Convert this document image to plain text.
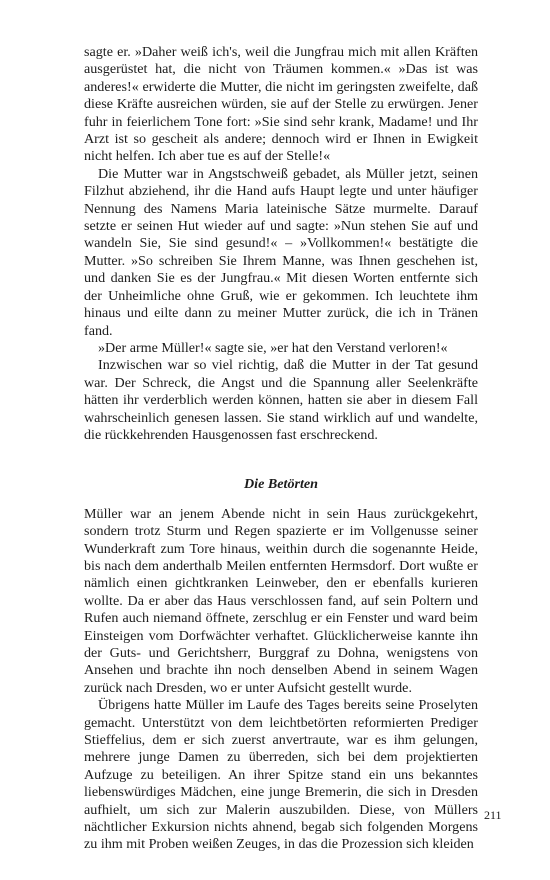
sagte er. »Daher weiß ich's, weil die Jungfrau mich mit allen Kräften ausgerüstet hat, die nicht von Träumen kommen.« »Das ist was anderes!« erwiderte die Mutter, die nicht im geringsten zweifelte, daß diese Kräfte ausreichen würden, sie auf der Stelle zu erwürgen. Jener fuhr in feierlichem Tone fort: »Sie sind sehr krank, Madame! und Ihr Arzt ist so gescheit als andere; dennoch wird er Ihnen in Ewigkeit nicht helfen. Ich aber tue es auf der Stelle!«

Die Mutter war in Angstschweiß gebadet, als Müller jetzt, seinen Filzhut abziehend, ihr die Hand aufs Haupt legte und unter häufiger Nennung des Namens Maria lateinische Sätze murmelte. Darauf setzte er seinen Hut wieder auf und sagte: »Nun stehen Sie auf und wandeln Sie, Sie sind gesund!« – »Vollkommen!« bestätigte die Mutter. »So schreiben Sie Ihrem Manne, was Ihnen geschehen ist, und danken Sie es der Jungfrau.« Mit diesen Worten entfernte sich der Unheimliche ohne Gruß, wie er gekommen. Ich leuchtete ihm hinaus und eilte dann zu meiner Mutter zurück, die ich in Tränen fand.

»Der arme Müller!« sagte sie, »er hat den Verstand verloren!«

Inzwischen war so viel richtig, daß die Mutter in der Tat gesund war. Der Schreck, die Angst und die Spannung aller Seelenkräfte hätten ihr verderblich werden können, hatten sie aber in diesem Fall wahrscheinlich genesen lassen. Sie stand wirklich auf und wandelte, die rückkehrenden Hausgenossen fast erschreckend.

Die Betörten

Müller war an jenem Abende nicht in sein Haus zurückgekehrt, sondern trotz Sturm und Regen spazierte er im Vollgenusse seiner Wunderkraft zum Tore hinaus, weithin durch die sogenannte Heide, bis nach dem anderthalb Meilen entfernten Hermsdorf. Dort wußte er nämlich einen gichtkranken Leinweber, den er ebenfalls kurieren wollte. Da er aber das Haus verschlossen fand, auf sein Poltern und Rufen auch niemand öffnete, zerschlug er ein Fenster und ward beim Einsteigen vom Dorfwächter verhaftet. Glücklicherweise kannte ihn der Guts- und Gerichtsherr, Burggraf zu Dohna, wenigstens von Ansehen und brachte ihn noch denselben Abend in seinem Wagen zurück nach Dresden, wo er unter Aufsicht gestellt wurde.

Übrigens hatte Müller im Laufe des Tages bereits seine Proselyten gemacht. Unterstützt von dem leichtbetörten reformierten Prediger Stieffelius, dem er sich zuerst anvertraute, war es ihm gelungen, mehrere junge Damen zu überreden, sich bei dem projektierten Aufzuge zu beteiligen. An ihrer Spitze stand ein uns bekanntes liebenswürdiges Mädchen, eine junge Bremerin, die sich in Dresden aufhielt, um sich zur Malerin auszubilden. Diese, von Müllers nächtlicher Exkursion nichts ahnend, begab sich folgenden Morgens zu ihm mit Proben weißen Zeuges, in das die Prozession sich kleiden

211
